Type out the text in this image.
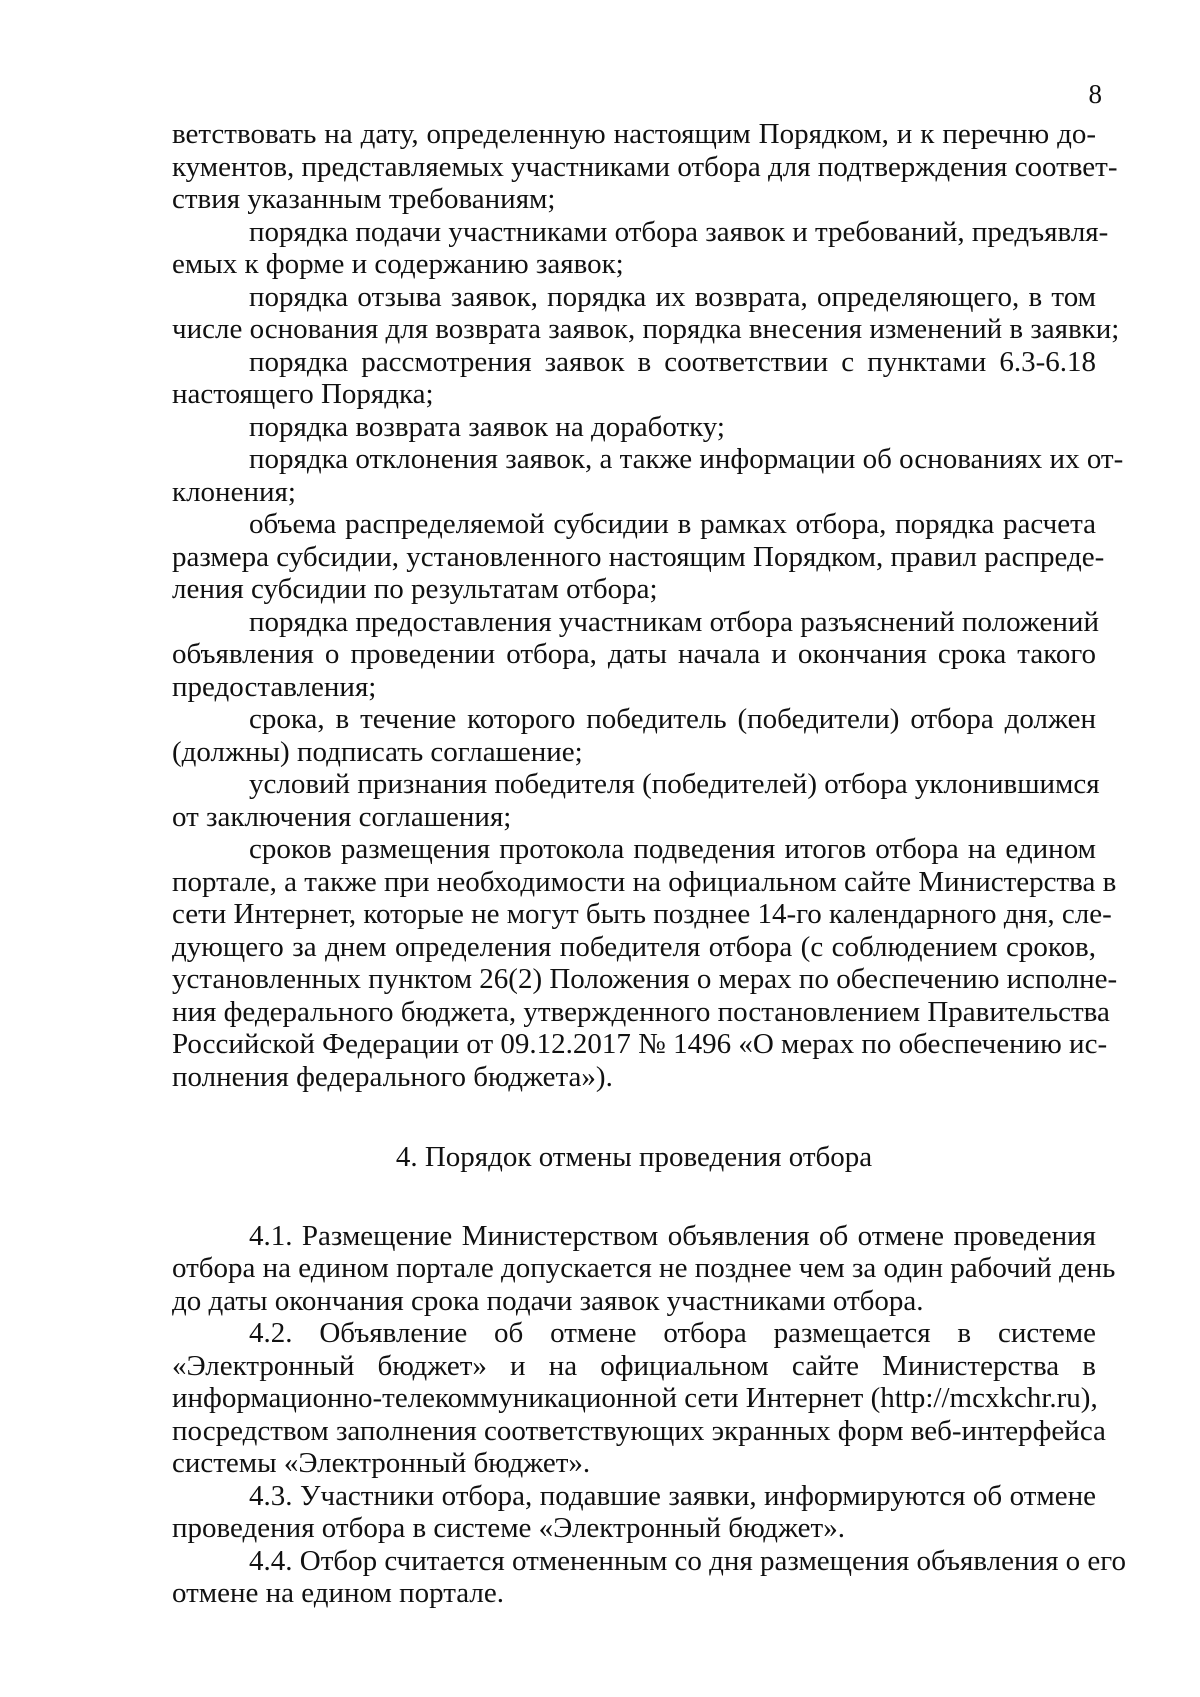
8
ветствовать на дату, определенную настоящим Порядком, и к перечню до-
кументов, представляемых участниками отбора для подтверждения соответ-
ствия указанным требованиям;
порядка подачи участниками отбора заявок и требований, предъявля-
емых к форме и содержанию заявок;
порядка отзыва заявок, порядка их возврата, определяющего, в том
числе основания для возврата заявок, порядка внесения изменений в заявки;
порядка рассмотрения заявок в соответствии с пунктами 6.3-6.18
настоящего Порядка;
порядка возврата заявок на доработку;
порядка отклонения заявок, а также информации об основаниях их от-
клонения;
объема распределяемой субсидии в рамках отбора, порядка расчета
размера субсидии, установленного настоящим Порядком, правил распреде-
ления субсидии по результатам отбора;
порядка предоставления участникам отбора разъяснений положений
объявления о проведении отбора, даты начала и окончания срока такого
предоставления;
срока, в течение которого победитель (победители) отбора должен
(должны) подписать соглашение;
условий признания победителя (победителей) отбора уклонившимся
от заключения соглашения;
сроков размещения протокола подведения итогов отбора на едином
портале, а также при необходимости на официальном сайте Министерства в
сети Интернет, которые не могут быть позднее 14-го календарного дня, сле-
дующего за днем определения победителя отбора (с соблюдением сроков,
установленных пунктом 26(2) Положения о мерах по обеспечению исполне-
ния федерального бюджета, утвержденного постановлением Правительства
Российской Федерации от 09.12.2017 № 1496 «О мерах по обеспечению ис-
полнения федерального бюджета»).
4. Порядок отмены проведения отбора
4.1. Размещение Министерством объявления об отмене проведения
отбора на едином портале допускается не позднее чем за один рабочий день
до даты окончания срока подачи заявок участниками отбора.
4.2. Объявление об отмене отбора размещается в системе
«Электронный бюджет» и на официальном сайте Министерства в
информационно-телекоммуникационной сети Интернет (http://mcxkchr.ru),
посредством заполнения соответствующих экранных форм веб-интерфейса
системы «Электронный бюджет».
4.3. Участники отбора, подавшие заявки, информируются об отмене
проведения отбора в системе «Электронный бюджет».
4.4. Отбор считается отмененным со дня размещения объявления о его
отмене на едином портале.
